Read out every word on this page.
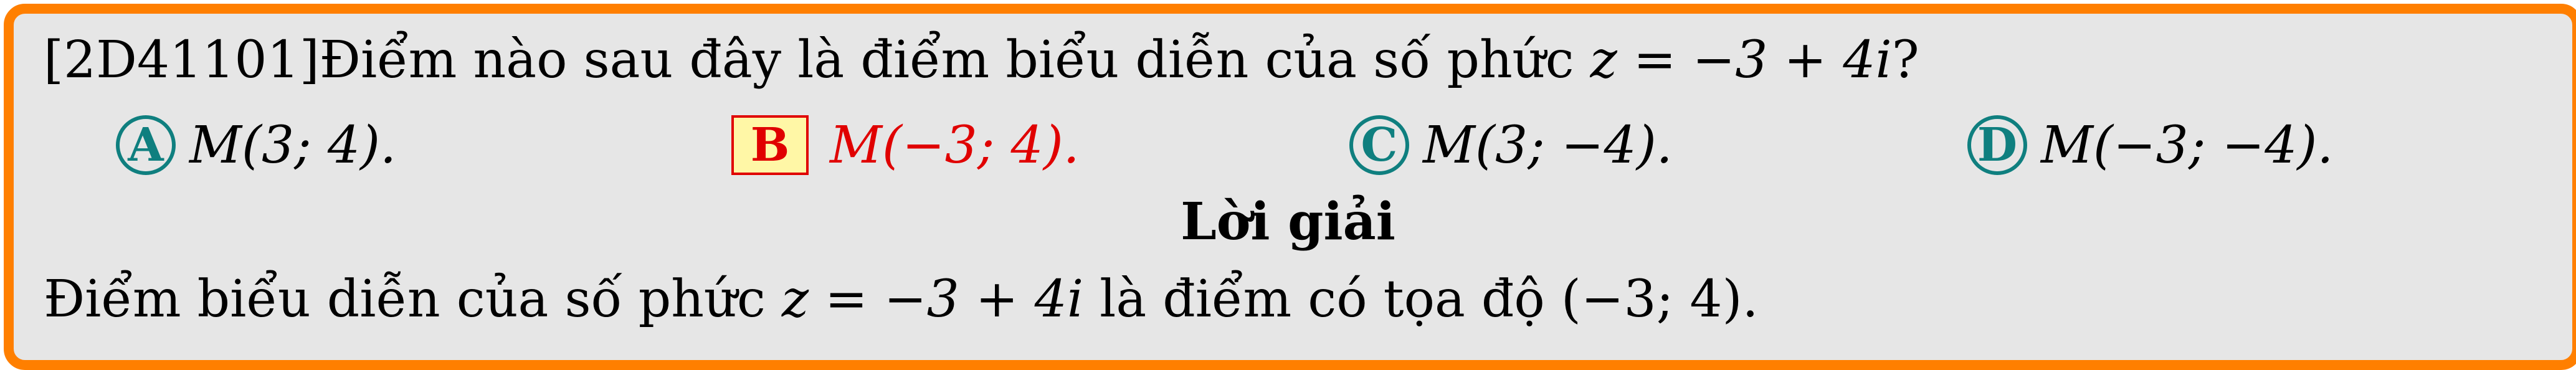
[2D41101]Điểm nào sau đây là điểm biểu diễn của số phức z = −3 + 4i?
A M(3; 4).	B M(−3; 4).	C M(3; −4).	D M(−3; −4).
Lời giải
Điểm biểu diễn của số phức z = −3 + 4i là điểm có tọa độ (−3; 4).
